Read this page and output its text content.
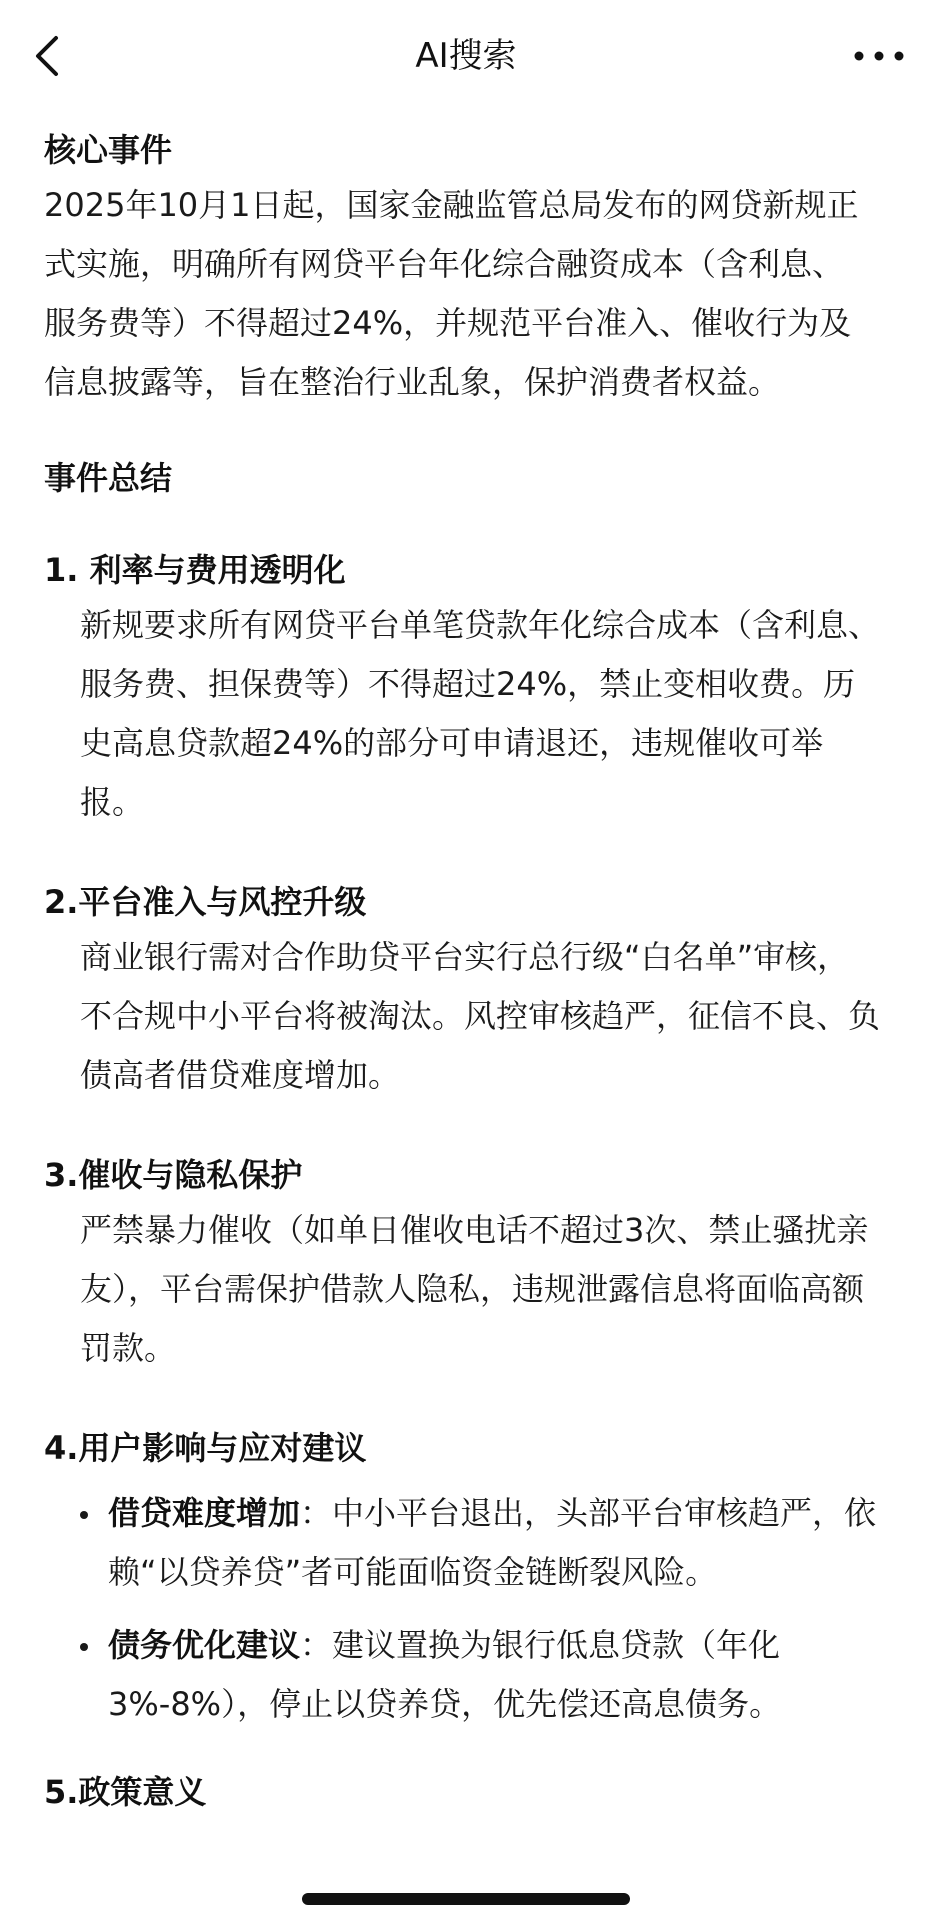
AI搜索

核心事件

2025年10月1日起，国家金融监管总局发布的网贷新规正式实施，明确所有网贷平台年化综合融资成本（含利息、服务费等）不得超过24%，并规范平台准入、催收行为及信息披露等，旨在整治行业乱象，保护消费者权益。

事件总结

1. 利率与费用透明化

新规要求所有网贷平台单笔贷款年化综合成本（含利息、服务费、担保费等）不得超过24%，禁止变相收费。历史高息贷款超24%的部分可申请退还，违规催收可举报。

2.平台准入与风控升级

商业银行需对合作助贷平台实行总行级“白名单”审核，不合规中小平台将被淘汰。风控审核趋严，征信不良、负债高者借贷难度增加。

3.催收与隐私保护

严禁暴力催收（如单日催收电话不超过3次、禁止骚扰亲友），平台需保护借款人隐私，违规泄露信息将面临高额罚款。

4.用户影响与应对建议

借贷难度增加：中小平台退出，头部平台审核趋严，依赖“以贷养贷”者可能面临资金链断裂风险。
债务优化建议：建议置换为银行低息贷款（年化3%-8%），停止以贷养贷，优先偿还高息债务。

5.政策意义
